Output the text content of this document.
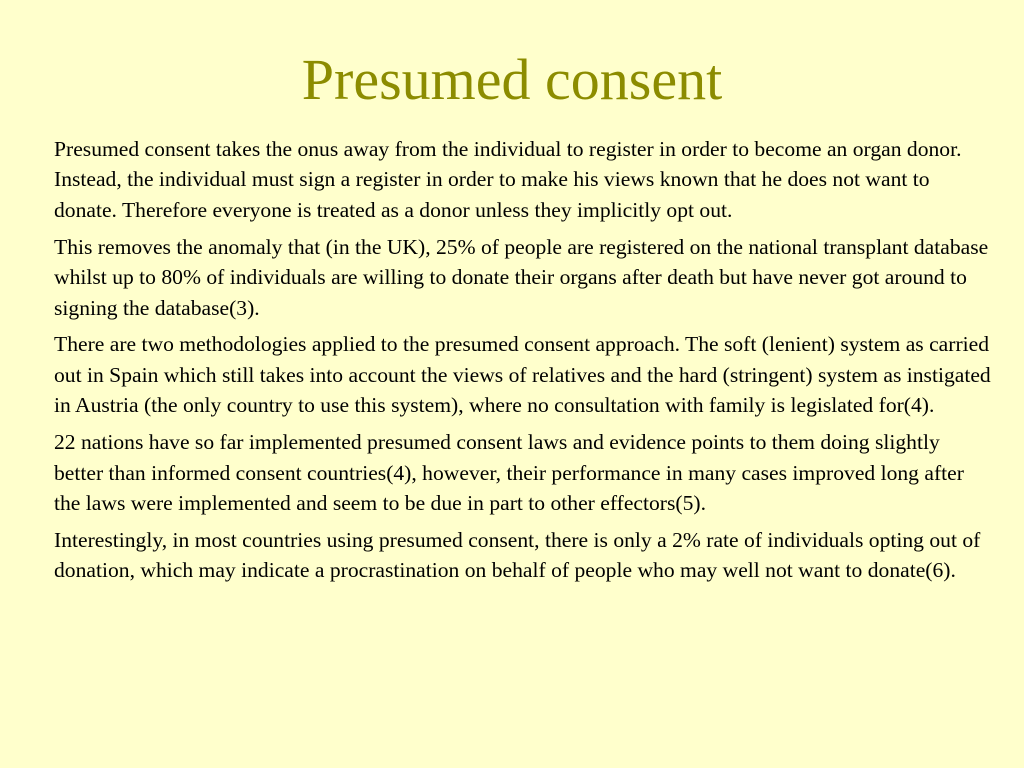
Presumed consent

Presumed consent takes the onus away from the individual to register in order to become an organ donor. Instead, the individual must sign a register in order to make his views known that he does not want to donate. Therefore everyone is treated as a donor unless they implicitly opt out.

This removes the anomaly that (in the UK), 25% of people are registered on the national transplant database whilst up to 80% of individuals are willing to donate their organs after death but have never got around to signing the database(3).

There are two methodologies applied to the presumed consent approach. The soft (lenient) system as carried out in Spain which still takes into account the views of relatives and the hard (stringent) system as instigated in Austria (the only country to use this system), where no consultation with family is legislated for(4).

22 nations have so far implemented presumed consent laws and evidence points to them doing slightly better than informed consent countries(4), however, their performance in many cases improved long after the laws were implemented and seem to be due in part to other effectors(5).

Interestingly, in most countries using presumed consent, there is only a 2% rate of individuals opting out of donation, which may indicate a procrastination on behalf of people who may well not want to donate(6).
